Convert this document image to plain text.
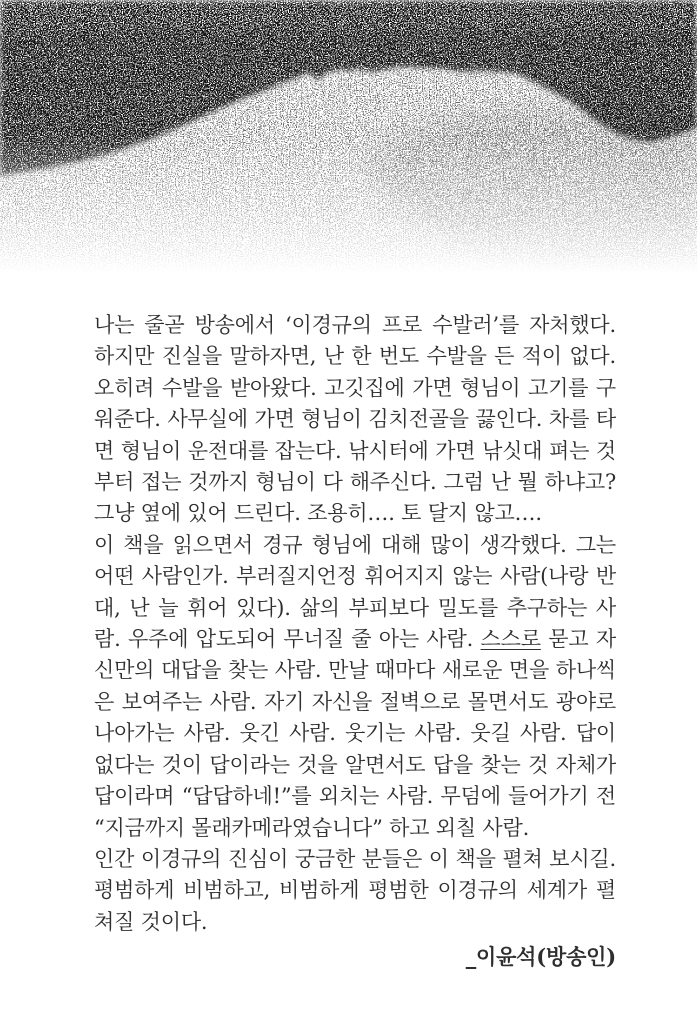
나는 줄곧 방송에서 ‘이경규의 프로 수발러’를 자처했다. 하지만 진실을 말하자면, 난 한 번도 수발을 든 적이 없다. 오히려 수발을 받아왔다. 고깃집에 가면 형님이 고기를 구워준다. 사무실에 가면 형님이 김치전골을 끓인다. 차를 타면 형님이 운전대를 잡는다. 낚시터에 가면 낚싯대 펴는 것부터 접는 것까지 형님이 다 해주신다. 그럼 난 뭘 하냐고? 그냥 옆에 있어 드린다. 조용히…. 토 달지 않고….

이 책을 읽으면서 경규 형님에 대해 많이 생각했다. 그는 어떤 사람인가. 부러질지언정 휘어지지 않는 사람(나랑 반대, 난 늘 휘어 있다). 삶의 부피보다 밀도를 추구하는 사람. 우주에 압도되어 무너질 줄 아는 사람. 스스로 묻고 자신만의 대답을 찾는 사람. 만날 때마다 새로운 면을 하나씩은 보여주는 사람. 자기 자신을 절벽으로 몰면서도 광야로 나아가는 사람. 웃긴 사람. 웃기는 사람. 웃길 사람. 답이 없다는 것이 답이라는 것을 알면서도 답을 찾는 것 자체가 답이라며 “답답하네!”를 외치는 사람. 무덤에 들어가기 전 “지금까지 몰래카메라였습니다” 하고 외칠 사람.

인간 이경규의 진심이 궁금한 분들은 이 책을 펼쳐 보시길. 평범하게 비범하고, 비범하게 평범한 이경규의 세계가 펼쳐질 것이다.

_이윤석(방송인)
